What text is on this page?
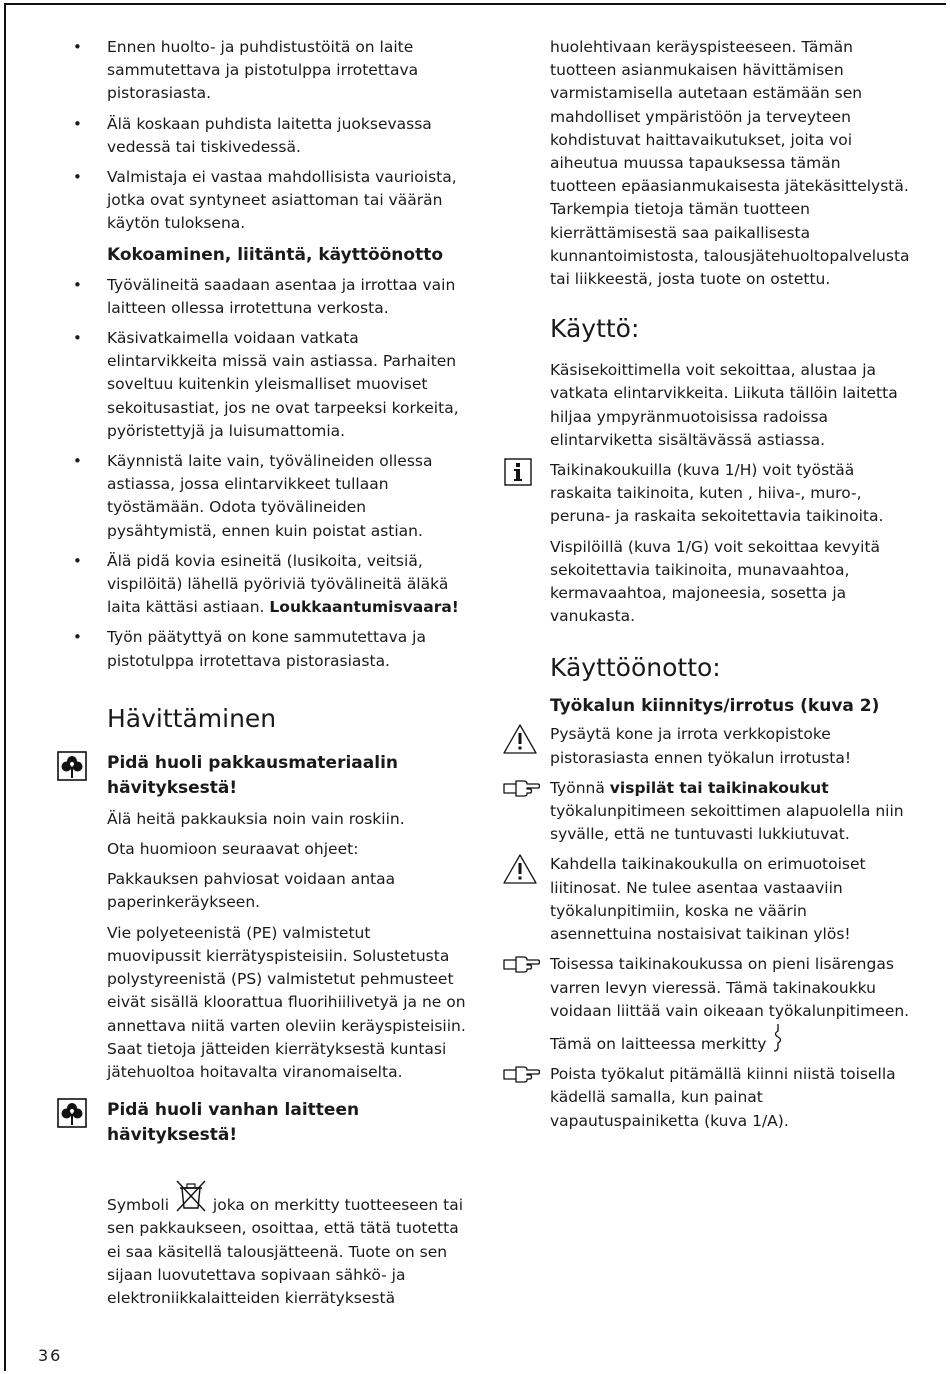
• Ennen huolto- ja puhdistustöitä on laite sammutettava ja pistotulppa irrotettava pistorasiasta.

• Älä koskaan puhdista laitetta juoksevassa vedessä tai tiskivedessä.

• Valmistaja ei vastaa mahdollisista vaurioista, jotka ovat syntyneet asiattoman tai väärän käytön tuloksena.

Kokoaminen, liitäntä, käyttöönotto
• Työvälineitä saadaan asentaa ja irrottaa vain laitteen ollessa irrotettuna verkosta.

• Käsivatkaimella voidaan vatkata elintarvikkeita missä vain astiassa. Parhaiten soveltuu kuitenkin yleismalliset muoviset sekoitusastiat, jos ne ovat tarpeeksi korkeita, pyöristettyjä ja luisumattomia.

• Käynnistä laite vain, työvälineiden ollessa astiassa, jossa elintarvikkeet tullaan työstämään. Odota työvälineiden pysähtymistä, ennen kuin poistat astian.

• Älä pidä kovia esineitä (lusikoita, veitsiä, vispilöitä) lähellä pyöriviä työvälineitä äläkä laita kättäsi astiaan. Loukkaantumisvaara!

• Työn päätyttyä on kone sammutettava ja pistotulppa irrotettava pistorasiasta.

Hävittäminen
Pidä huoli pakkausmateriaalin hävityksestä!

Älä heitä pakkauksia noin vain roskiin.

Ota huomioon seuraavat ohjeet:

Pakkauksen pahviosat voidaan antaa paperinkeräykseen.

Vie polyeteenistä (PE) valmistetut muovipussit kierrätyspisteisiin. Solustetusta polystyreenistä (PS) valmistetut pehmusteet eivät sisällä kloorattua fluorihiilivetyä ja ne on annettava niitä varten oleviin keräyspisteisiin. Saat tietoja jätteiden kierrätyksestä kuntasi jätehuoltoa hoitavalta viranomaiselta.

Pidä huoli vanhan laitteen hävityksestä!

Symboli	joka on merkitty tuotteeseen tai sen pakkaukseen, osoittaa, että tätä tuotetta ei saa käsitellä talousjätteenä. Tuote on sen sijaan luovutettava sopivaan sähkö- ja elektroniikkalaitteiden kierrätyksestä

huolehtivaan keräyspisteeseen. Tämän tuotteen asianmukaisen hävittämisen varmistamisella autetaan estämään sen mahdolliset ympäristöön ja terveyteen kohdistuvat haittavaikutukset, joita voi aiheutua muussa tapauksessa tämän tuotteen epäasianmukaisesta jätekäsittelystä. Tarkempia tietoja tämän tuotteen kierrättämisestä saa paikallisesta kunnantoimistosta, talousjätehuoltopalvelusta tai liikkeestä, josta tuote on ostettu.

Käyttö:

Käsisekoittimella voit sekoittaa, alustaa ja vatkata elintarvikkeita. Liikuta tällöin laitetta hiljaa ympyränmuotoisissa radoissa elintarviketta sisältävässä astiassa.

Taikinakoukuilla (kuva 1/H) voit työstää raskaita taikinoita, kuten , hiiva-, muro-, peruna- ja raskaita sekoitettavia taikinoita.

Vispilöillä (kuva 1/G) voit sekoittaa kevyitä sekoitettavia taikinoita, munavaahtoa, kermavaahtoa, majoneesia, sosetta ja vanukasta.

Käyttöönotto:
Työkalun kiinnitys/irrotus (kuva 2)

Pysäytä kone ja irrota verkkopistoke pistorasiasta ennen työkalun irrotusta!

Työnnä vispilät tai taikinakoukut työkalunpitimeen sekoittimen alapuolella niin syvälle, että ne tuntuvasti lukkiutuvat.

Kahdella taikinakoukulla on erimuotoiset liitinosat. Ne tulee asentaa vastaaviin työkalunpitimiin, koska ne väärin asennettuina nostaisivat taikinan ylös!

Toisessa taikinakoukussa on pieni lisärengas varren levyn vieressä. Tämä takinakoukku voidaan liittää vain oikeaan työkalunpitimeen. Tämä on laitteessa merkitty

Poista työkalut pitämällä kiinni niistä toisella kädellä samalla, kun painat vapautuspainiketta (kuva 1/A).

36
